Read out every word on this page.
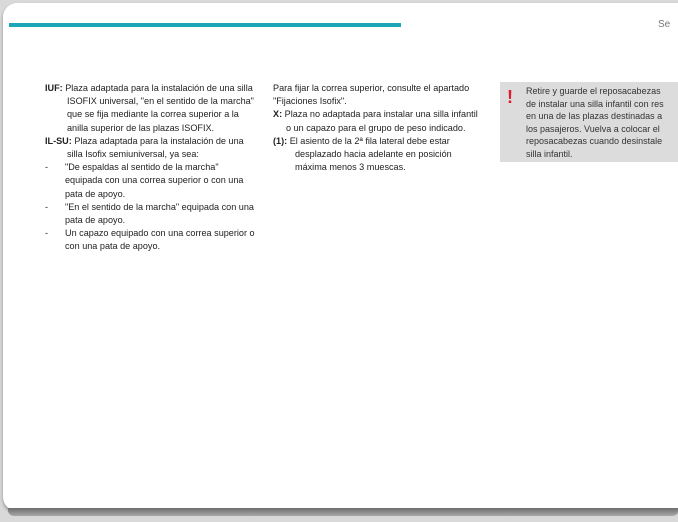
Se

IUF: Plaza adaptada para la instalación de una silla ISOFIX universal, "en el sentido de la marcha" que se fija mediante la correa superior a la anilla superior de las plazas ISOFIX.

IL-SU: Plaza adaptada para la instalación de una silla Isofix semiuniversal, ya sea:

- "De espaldas al sentido de la marcha" equipada con una correa superior o con una pata de apoyo.

- "En el sentido de la marcha" equipada con una pata de apoyo.

- Un capazo equipado con una correa superior o con una pata de apoyo.

Para fijar la correa superior, consulte el apartado "Fijaciones Isofix".

X: Plaza no adaptada para instalar una silla infantil o un capazo para el grupo de peso indicado.

(1): El asiento de la 2ª fila lateral debe estar desplazado hacia adelante en posición máxima menos 3 muescas.

! Retire y guarde el reposacabezas
de instalar una silla infantil con res
en una de las plazas destinadas a
los pasajeros. Vuelva a colocar el
reposacabezas cuando desinstale
silla infantil.
